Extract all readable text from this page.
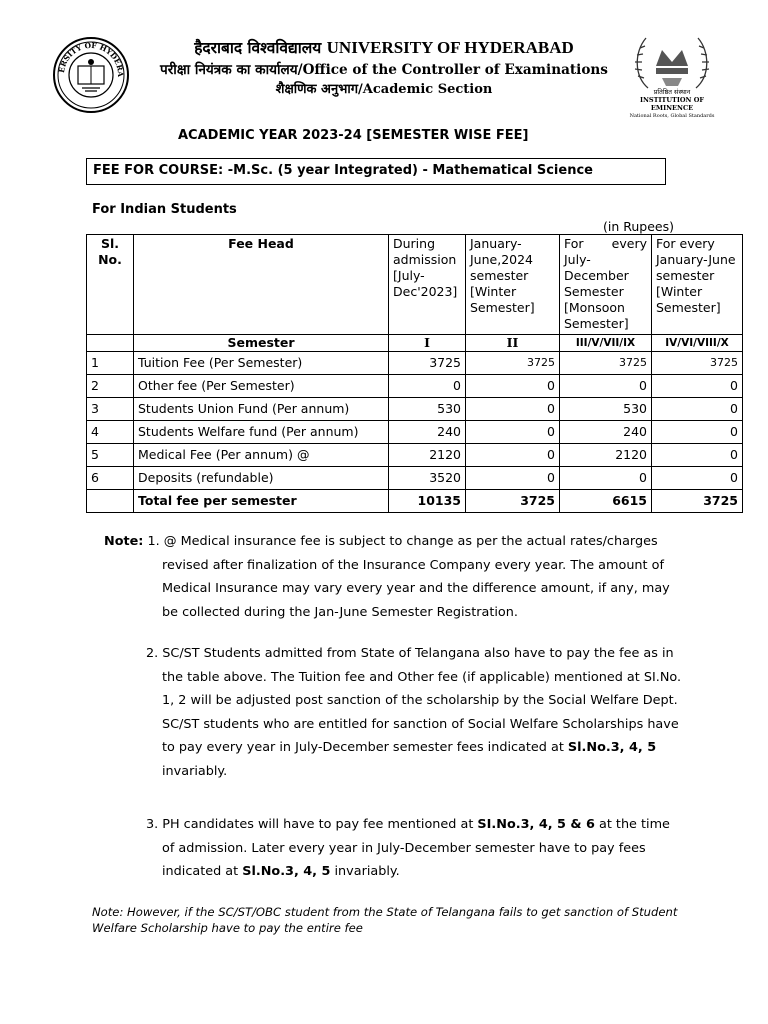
ERSITY OF HYDERA
हैदराबाद विश्वविद्यालय UNIVERSITY OF HYDERABAD
परीक्षा नियंत्रक का कार्यालय/Office of the Controller of Examinations
शैक्षणिक अनुभाग/Academic Section	प्रतिष्ठित संस्थान
INSTITUTION OF EMINENCE
National Roots, Global Standards
ACADEMIC YEAR 2023-24 [SEMESTER WISE FEE]
FEE FOR COURSE: -M.Sc. (5 year Integrated) - Mathematical Science
For Indian Students
(in Rupees)
Sl. No.	Fee Head	During admission [July-Dec'2023]	January-June,2024 semester [Winter Semester]	For every July-December Semester [Monsoon Semester]	For every January-June semester [Winter Semester]
	Semester	I	II	III/V/VII/IX	IV/VI/VIII/X
1	Tuition Fee (Per Semester)	3725	3725	3725	3725
2	Other fee (Per Semester)	0	0	0	0
3	Students Union Fund (Per annum)	530	0	530	0
4	Students Welfare fund (Per annum)	240	0	240	0
5	Medical Fee (Per annum) @	2120	0	2120	0
6	Deposits (refundable)	3520	0	0	0
	Total fee per semester	10135	3725	6615	3725
Note: 1. @ Medical insurance fee is subject to change as per the actual rates/charges
revised after finalization of the Insurance Company every year. The amount of Medical Insurance may vary every year and the difference amount, if any, may be collected during the Jan-June Semester Registration.
2. SC/ST Students admitted from State of Telangana also have to pay the fee as in
the table above. The Tuition fee and Other fee (if applicable) mentioned at SI.No. 1, 2 will be adjusted post sanction of the scholarship by the Social Welfare Dept. SC/ST students who are entitled for sanction of Social Welfare Scholarships have to pay every year in July-December semester fees indicated at Sl.No.3, 4, 5 invariably.
3. PH candidates will have to pay fee mentioned at SI.No.3, 4, 5 & 6 at the time
of admission. Later every year in July-December semester have to pay fees indicated at Sl.No.3, 4, 5 invariably.
Note: However, if the SC/ST/OBC student from the State of Telangana fails to get sanction of Student Welfare Scholarship have to pay the entire fee
